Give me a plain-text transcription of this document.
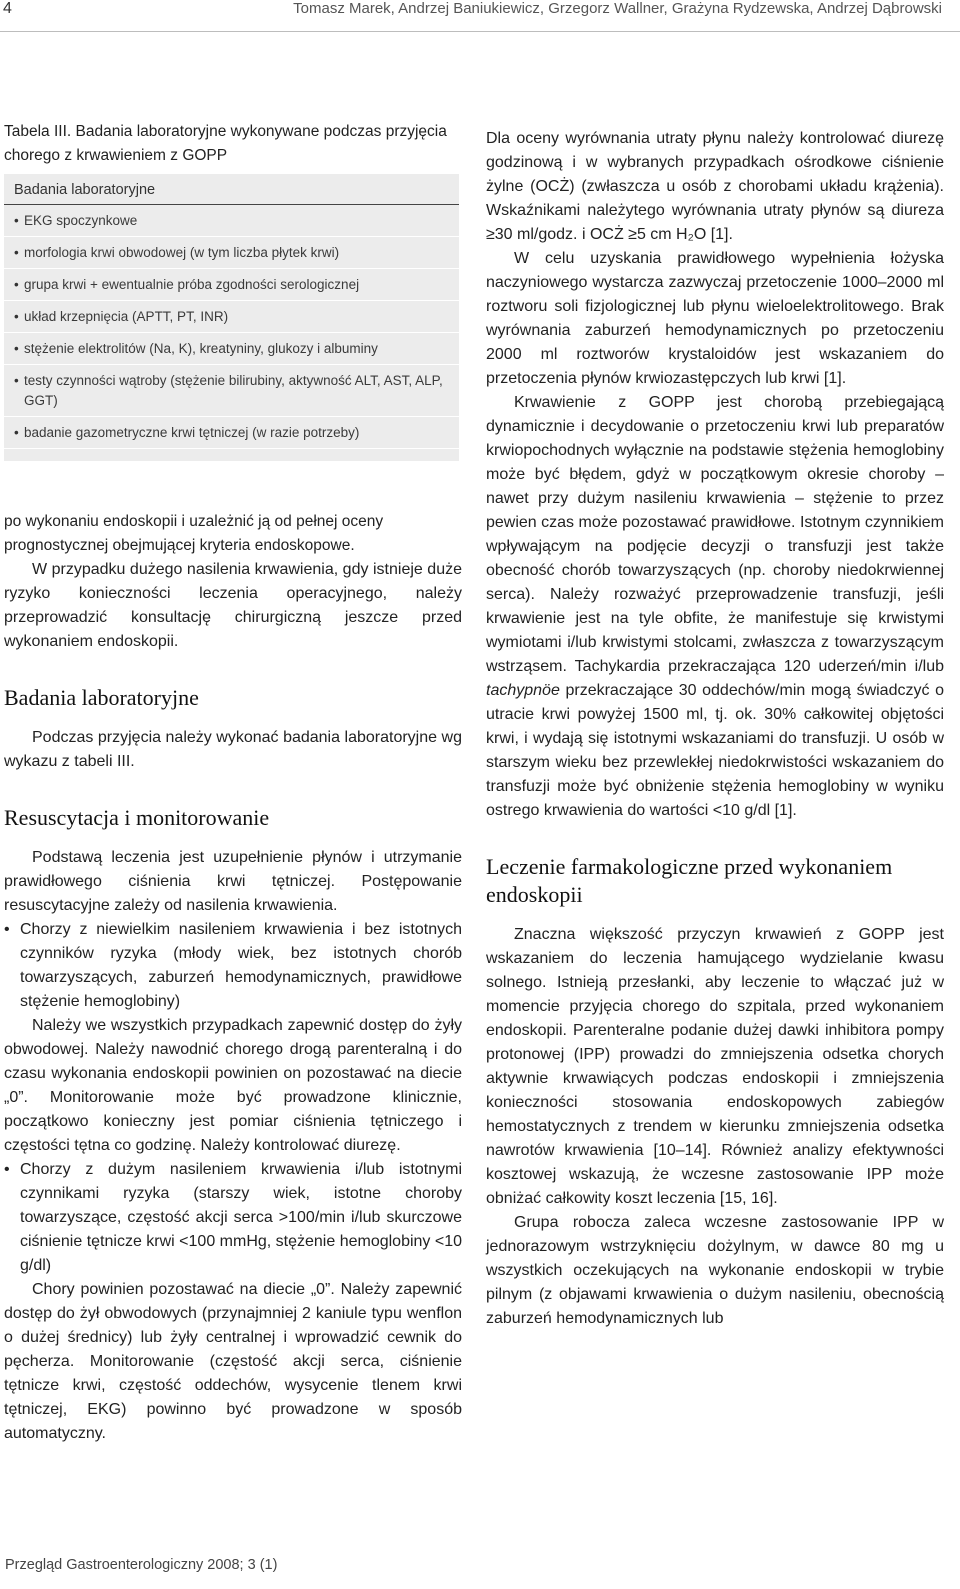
4	Tomasz Marek, Andrzej Baniukiewicz, Grzegorz Wallner, Grażyna Rydzewska, Andrzej Dąbrowski
Tabela III. Badania laboratoryjne wykonywane podczas przyjęcia chorego z krwawieniem z GOPP
Badania laboratoryjne
• EKG spoczynkowe
• morfologia krwi obwodowej (w tym liczba płytek krwi)
• grupa krwi + ewentualnie próba zgodności serologicznej
• układ krzepnięcia (APTT, PT, INR)
• stężenie elektrolitów (Na, K), kreatyniny, glukozy i albuminy
• testy czynności wątroby (stężenie bilirubiny, aktywność ALT, AST, ALP, GGT)
• badanie gazometryczne krwi tętniczej (w razie potrzeby)
po wykonaniu endoskopii i uzależnić ją od pełnej oceny prognostycznej obejmującej kryteria endoskopowe.

W przypadku dużego nasilenia krwawienia, gdy istnieje duże ryzyko konieczności leczenia operacyjnego, należy przeprowadzić konsultację chirurgiczną jeszcze przed wykonaniem endoskopii.

Badania laboratoryjne

Podczas przyjęcia należy wykonać badania laboratoryjne wg wykazu z tabeli III.

Resuscytacja i monitorowanie

Podstawą leczenia jest uzupełnienie płynów i utrzymanie prawidłowego ciśnienia krwi tętniczej. Postępowanie resuscytacyjne zależy od nasilenia krwawienia.

• Chorzy z niewielkim nasileniem krwawienia i bez istotnych czynników ryzyka (młody wiek, bez istotnych chorób towarzyszących, zaburzeń hemodynamicznych, prawidłowe stężenie hemoglobiny)

Należy we wszystkich przypadkach zapewnić dostęp do żyły obwodowej. Należy nawodnić chorego drogą parenteralną i do czasu wykonania endoskopii powinien on pozostawać na diecie „0”. Monitorowanie może być prowadzone klinicznie, początkowo konieczny jest pomiar ciśnienia tętniczego i częstości tętna co godzinę. Należy kontrolować diurezę.

• Chorzy z dużym nasileniem krwawienia i/lub istotnymi czynnikami ryzyka (starszy wiek, istotne choroby towarzyszące, częstość akcji serca >100/min i/lub skurczowe ciśnienie tętnicze krwi <100 mmHg, stężenie hemoglobiny <10 g/dl)

Chory powinien pozostawać na diecie „0”. Należy zapewnić dostęp do żył obwodowych (przynajmniej 2 kaniule typu wenflon o dużej średnicy) lub żyły centralnej i wprowadzić cewnik do pęcherza. Monitorowanie (częstość akcji serca, ciśnienie tętnicze krwi, częstość oddechów, wysycenie tlenem krwi tętniczej, EKG) powinno być prowadzone w sposób automatyczny.

Dla oceny wyrównania utraty płynu należy kontrolować diurezę godzinową i w wybranych przypadkach ośrodkowe ciśnienie żylne (OCŻ) (zwłaszcza u osób z chorobami układu krążenia). Wskaźnikami należytego wyrównania utraty płynów są diureza ≥30 ml/godz. i OCŻ ≥5 cm H₂O [1].

W celu uzyskania prawidłowego wypełnienia łożyska naczyniowego wystarcza zazwyczaj przetoczenie 1000–2000 ml roztworu soli fizjologicznej lub płynu wieloelektrolitowego. Brak wyrównania zaburzeń hemodynamicznych po przetoczeniu 2000 ml roztworów krystaloidów jest wskazaniem do przetoczenia płynów krwiozastępczych lub krwi [1].

Krwawienie z GOPP jest chorobą przebiegającą dynamicznie i decydowanie o przetoczeniu krwi lub preparatów krwiopochodnych wyłącznie na podstawie stężenia hemoglobiny może być błędem, gdyż w początkowym okresie choroby – nawet przy dużym nasileniu krwawienia – stężenie to przez pewien czas może pozostawać prawidłowe. Istotnym czynnikiem wpływającym na podjęcie decyzji o transfuzji jest także obecność chorób towarzyszących (np. choroby niedokrwiennej serca). Należy rozważyć przeprowadzenie transfuzji, jeśli krwawienie jest na tyle obfite, że manifestuje się krwistymi wymiotami i/lub krwistymi stolcami, zwłaszcza z towarzyszącym wstrząsem. Tachykardia przekraczająca 120 uderzeń/min i/lub tachypnöe przekraczające 30 oddechów/min mogą świadczyć o utracie krwi powyżej 1500 ml, tj. ok. 30% całkowitej objętości krwi, i wydają się istotnymi wskazaniami do transfuzji. U osób w starszym wieku bez przewlekłej niedokrwistości wskazaniem do transfuzji może być obniżenie stężenia hemoglobiny w wyniku ostrego krwawienia do wartości <10 g/dl [1].

Leczenie farmakologiczne przed wykonaniem endoskopii

Znaczna większość przyczyn krwawień z GOPP jest wskazaniem do leczenia hamującego wydzielanie kwasu solnego. Istnieją przesłanki, aby leczenie to włączać już w momencie przyjęcia chorego do szpitala, przed wykonaniem endoskopii. Parenteralne podanie dużej dawki inhibitora pompy protonowej (IPP) prowadzi do zmniejszenia odsetka chorych aktywnie krwawiących podczas endoskopii i zmniejszenia konieczności stosowania endoskopowych zabiegów hemostatycznych z trendem w kierunku zmniejszenia odsetka nawrotów krwawienia [10–14]. Również analizy efektywności kosztowej wskazują, że wczesne zastosowanie IPP może obniżać całkowity koszt leczenia [15, 16].

Grupa robocza zaleca wczesne zastosowanie IPP w jednorazowym wstrzyknięciu dożylnym, w dawce 80 mg u wszystkich oczekujących na wykonanie endoskopii w trybie pilnym (z objawami krwawienia o dużym nasileniu, obecnością zaburzeń hemodynamicznych lub

Przegląd Gastroenterologiczny 2008; 3 (1)
